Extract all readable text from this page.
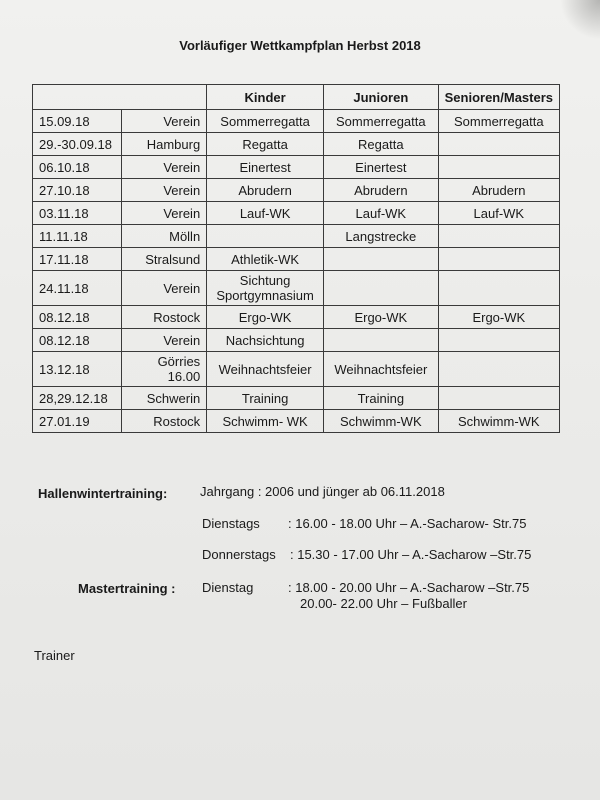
Vorläufiger Wettkampfplan Herbst 2018
		Kinder	Junioren	Senioren/Masters
15.09.18	Verein	Sommerregatta	Sommerregatta	Sommerregatta
29.-30.09.18	Hamburg	Regatta	Regatta	
06.10.18	Verein	Einertest	Einertest	
27.10.18	Verein	Abrudern	Abrudern	Abrudern
03.11.18	Verein	Lauf-WK	Lauf-WK	Lauf-WK
11.11.18	Mölln		Langstrecke	
17.11.18	Stralsund	Athletik-WK		
24.11.18	Verein	Sichtung Sportgymnasium		
08.12.18	Rostock	Ergo-WK	Ergo-WK	Ergo-WK
08.12.18	Verein	Nachsichtung		
13.12.18	Görries 16.00	Weihnachtsfeier	Weihnachtsfeier	
28,29.12.18	Schwerin	Training	Training	
27.01.19	Rostock	Schwimm- WK	Schwimm-WK	Schwimm-WK
Hallenwintertraining:	Jahrgang : 2006 und jünger ab 06.11.2018
Dienstags : 16.00 - 18.00 Uhr – A.-Sacharow- Str.75
Donnerstags : 15.30 - 17.00 Uhr – A.-Sacharow –Str.75
Mastertraining : Dienstag	: 18.00 - 20.00 Uhr – A.-Sacharow –Str.75
20.00- 22.00 Uhr – Fußballer
Trainer
